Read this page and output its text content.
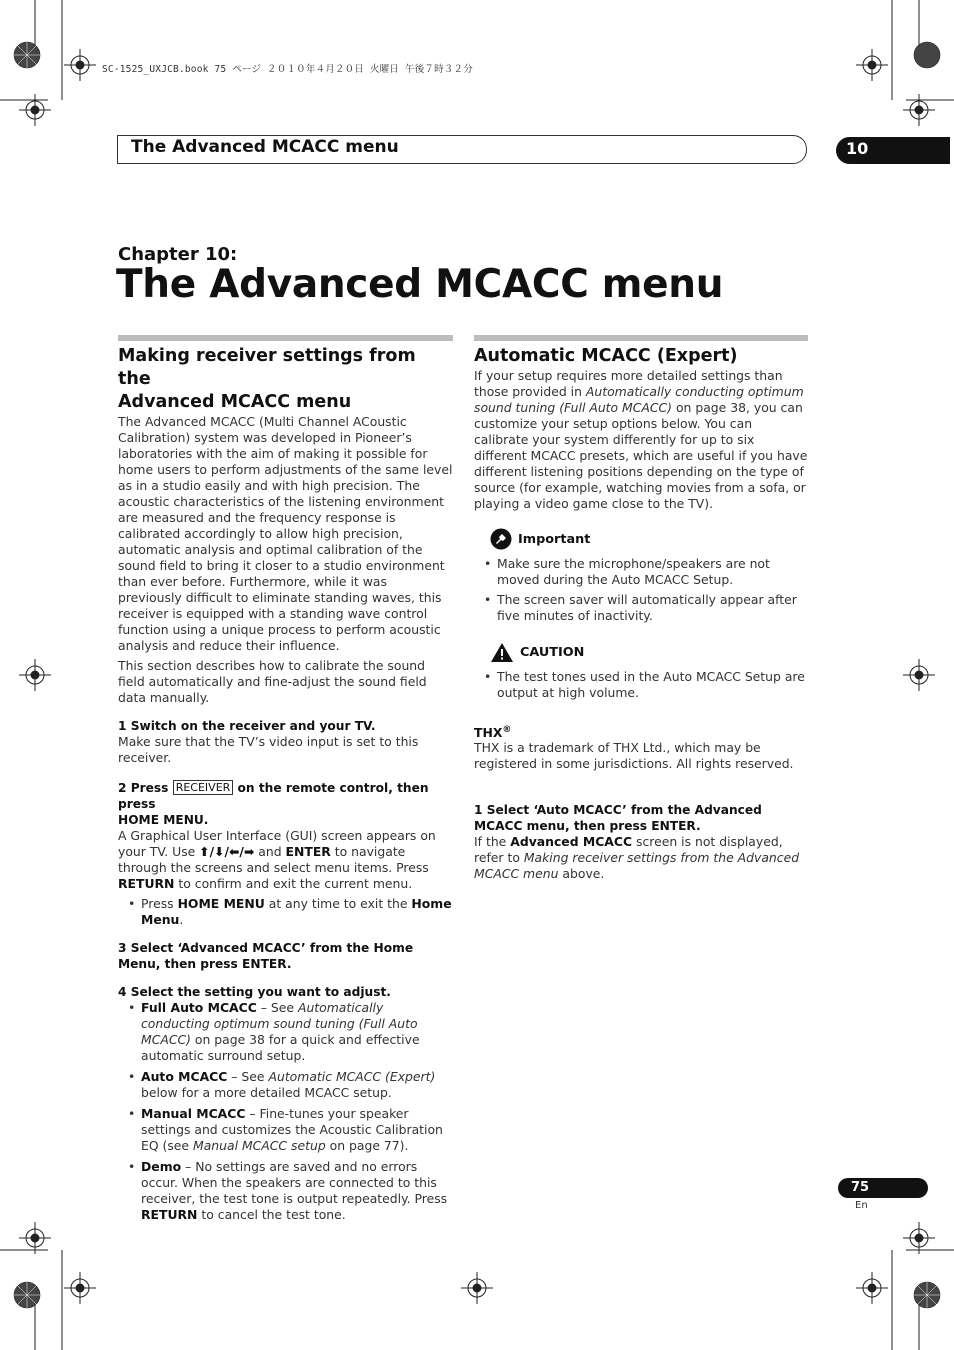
SC-1525_UXJCB.book 75 ページ ２０１０年４月２０日 火曜日 午後７時３２分
The Advanced MCACC menu	10
Chapter 10:
The Advanced MCACC menu
Making receiver settings from the
Advanced MCACC menu

The Advanced MCACC (Multi Channel ACoustic Calibration) system was developed in Pioneer’s laboratories with the aim of making it possible for home users to perform adjustments of the same level as in a studio easily and with high precision. The acoustic characteristics of the listening environment are measured and the frequency response is calibrated accordingly to allow high precision, automatic analysis and optimal calibration of the sound field to bring it closer to a studio environment than ever before. Furthermore, while it was previously difficult to eliminate standing waves, this receiver is equipped with a standing wave control function using a unique process to perform acoustic analysis and reduce their influence.

This section describes how to calibrate the sound field automatically and fine-adjust the sound field data manually.

1 Switch on the receiver and your TV.
Make sure that the TV’s video input is set to this receiver.
2 Press RECEIVER on the remote control, then press
HOME MENU.

A Graphical User Interface (GUI) screen appears on your TV. Use ⬆/⬇/⬅/➡ and ENTER to navigate through the screens and select menu items. Press RETURN to confirm and exit the current menu.

• Press HOME MENU at any time to exit the Home Menu.
3 Select ‘Advanced MCACC’ from the Home Menu, then press ENTER.
4 Select the setting you want to adjust.
• Full Auto MCACC – See Automatically conducting optimum sound tuning (Full Auto MCACC) on page 38 for a quick and effective automatic surround setup.
• Auto MCACC – See Automatic MCACC (Expert) below for a more detailed MCACC setup.
• Manual MCACC – Fine-tunes your speaker settings and customizes the Acoustic Calibration EQ (see Manual MCACC setup on page 77).
• Demo – No settings are saved and no errors occur. When the speakers are connected to this receiver, the test tone is output repeatedly. Press RETURN to cancel the test tone.
Automatic MCACC (Expert)

If your setup requires more detailed settings than those provided in Automatically conducting optimum sound tuning (Full Auto MCACC) on page 38, you can customize your setup options below. You can calibrate your system differently for up to six different MCACC presets, which are useful if you have different listening positions depending on the type of source (for example, watching movies from a sofa, or playing a video game close to the TV).

Important
• Make sure the microphone/speakers are not moved during the Auto MCACC Setup.
• The screen saver will automatically appear after five minutes of inactivity.
CAUTION
• The test tones used in the Auto MCACC Setup are output at high volume.
THX®
THX is a trademark of THX Ltd., which may be registered in some jurisdictions. All rights reserved.
1 Select ‘Auto MCACC’ from the Advanced MCACC menu, then press ENTER.

If the Advanced MCACC screen is not displayed, refer to Making receiver settings from the Advanced MCACC menu above.

75
En
